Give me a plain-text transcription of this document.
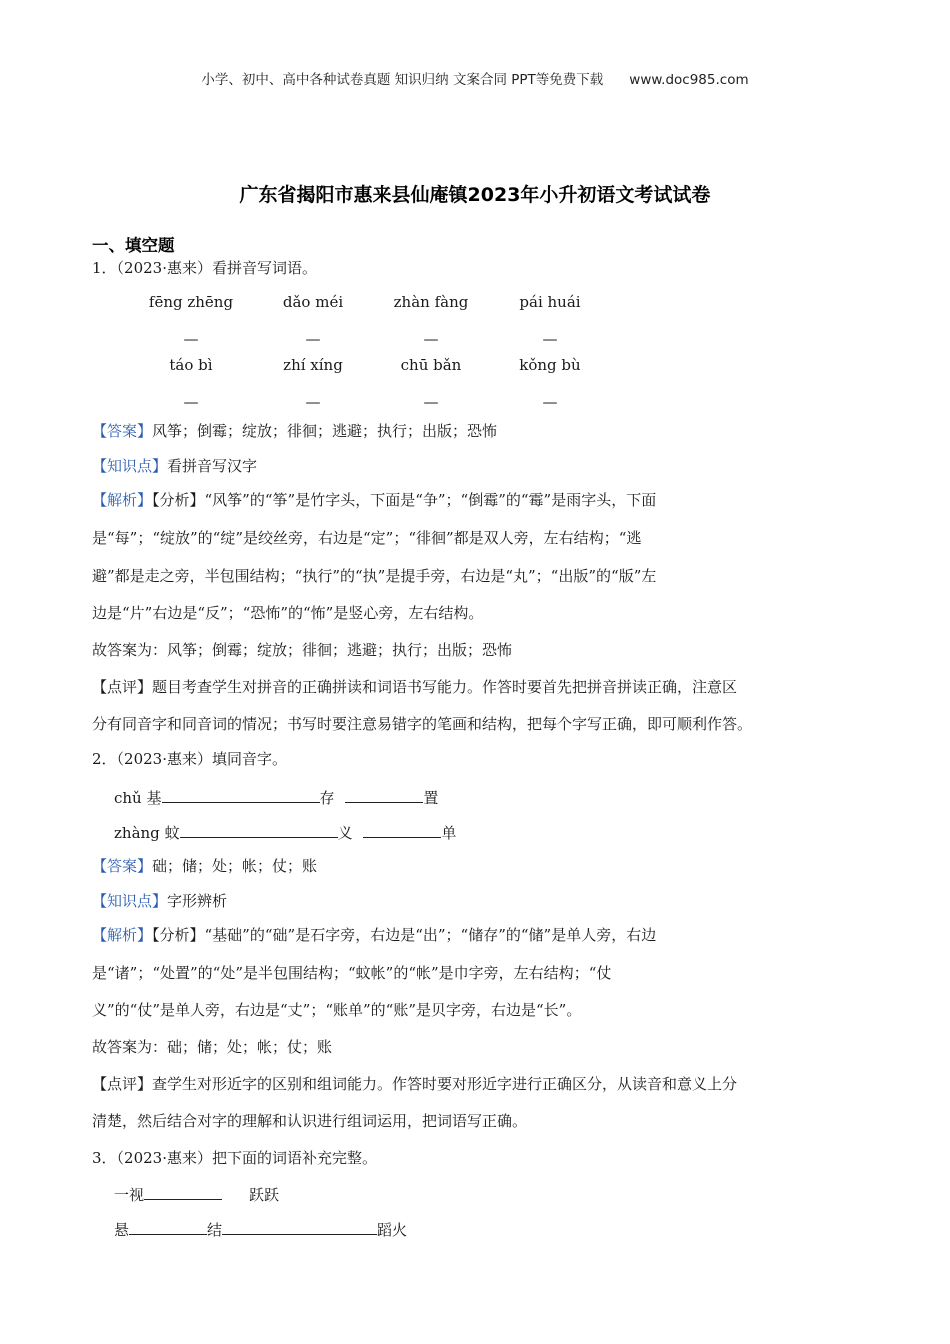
小学、初中、高中各种试卷真题 知识归纳 文案合同 PPT等免费下载 www.doc985.com
广东省揭阳市惠来县仙庵镇2023年小升初语文考试试卷
一、填空题
1．（2023·惠来）看拼音写词语。
fēng zhēng	dǎo méi	zhàn fàng	pái huái
—	—	—	—
táo bì	zhí xíng	chū bǎn	kǒng bù
—	—	—	—
【答案】风筝；倒霉；绽放；徘徊；逃避；执行；出版；恐怖
【知识点】看拼音写汉字
【解析】【分析】“风筝”的“筝”是竹字头，下面是“争”；“倒霉”的“霉”是雨字头，下面
是“每”；“绽放”的“绽”是绞丝旁，右边是“定”；“徘徊”都是双人旁，左右结构；“逃
避”都是走之旁，半包围结构；“执行”的“执”是提手旁，右边是“丸”；“出版”的“版”左
边是“片”右边是“反”；“恐怖”的“怖”是竖心旁，左右结构。
故答案为：风筝；倒霉；绽放；徘徊；逃避；执行；出版；恐怖
【点评】题目考查学生对拼音的正确拼读和词语书写能力。作答时要首先把拼音拼读正确，注意区
分有同音字和同音词的情况；书写时要注意易错字的笔画和结构，把每个字写正确，即可顺利作答。
2．（2023·惠来）填同音字。
chǔ 基	存	置
zhàng 蚊	义	单
【答案】础；储；处；帐；仗；账
【知识点】字形辨析
【解析】【分析】“基础”的“础”是石字旁，右边是“出”；“储存”的“储”是单人旁，右边
是“诸”；“处置”的“处”是半包围结构；“蚊帐”的“帐”是巾字旁，左右结构；“仗
义”的“仗”是单人旁，右边是“丈”；“账单”的“账”是贝字旁，右边是“长”。
故答案为：础；储；处；帐；仗；账
【点评】查学生对形近字的区别和组词能力。作答时要对形近字进行正确区分，从读音和意义上分
清楚，然后结合对字的理解和认识进行组词运用，把词语写正确。
3．（2023·惠来）把下面的词语补充完整。
一视	跃跃
悬	结	蹈火
